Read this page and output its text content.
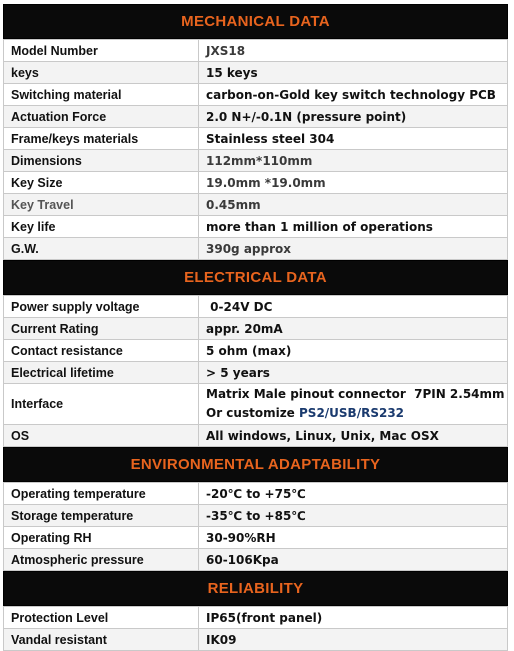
MECHANICAL DATA
Model Number	JXS18
keys	15 keys
Switching material	carbon-on-Gold key switch technology PCB
Actuation Force	2.0 N+/-0.1N (pressure point)
Frame/keys materials	Stainless steel 304
Dimensions	112mm*110mm
Key Size	19.0mm *19.0mm
Key Travel	0.45mm
Key life	more than 1 million of operations
G.W.	390g approx
ELECTRICAL DATA
Power supply voltage	0-24V DC
Current Rating	appr. 20mA
Contact resistance	5 ohm (max)
Electrical lifetime	> 5 years
Interface	Matrix Male pinout connector  7PIN 2.54mm
Or customize PS2/USB/RS232

OS	All windows, Linux, Unix, Mac OSX
ENVIRONMENTAL ADAPTABILITY
Operating temperature	-20℃ to +75℃
Storage temperature	-35℃ to +85℃
Operating RH	30-90%RH
Atmospheric pressure	60-106Kpa
RELIABILITY
Protection Level	IP65(front panel)
Vandal resistant	IK09
